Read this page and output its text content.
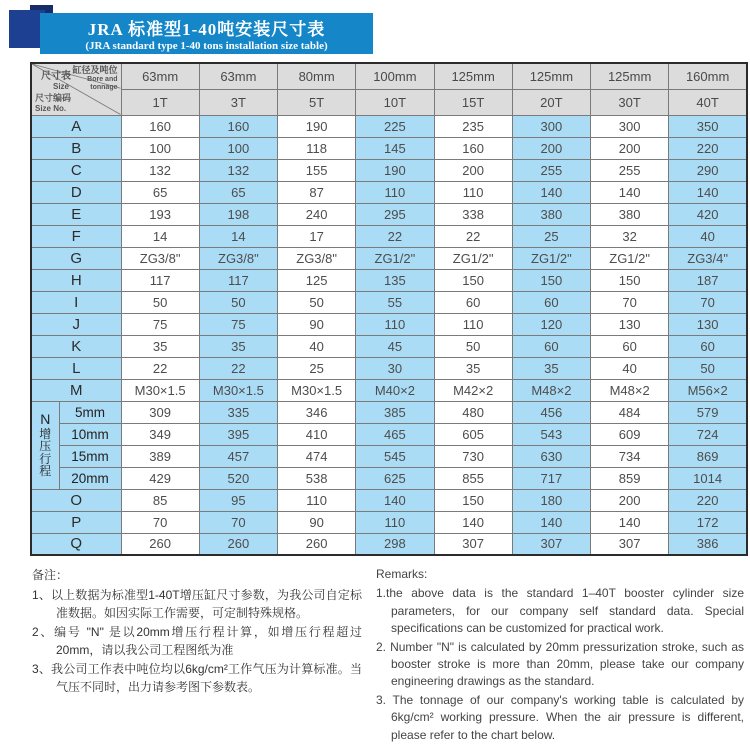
JRA 标准型1-40吨安装尺寸表
(JRA standard type 1-40 tons installation size table)
尺寸表
Size
缸径及吨位
Bore and tonnage
尺寸编码
Size No.
	63mm	63mm	80mm	100mm	125mm	125mm	125mm	160mm
		1T	3T	5T	10T	15T	20T	30T	40T
A		160	160	190	225	235	300	300	350
B		100	100	118	145	160	200	200	220
C		132	132	155	190	200	255	255	290
D		65	65	87	110	110	140	140	140
E		193	198	240	295	338	380	380	420
F		14	14	17	22	22	25	32	40
G		ZG3/8"	ZG3/8"	ZG3/8"	ZG1/2"	ZG1/2"	ZG1/2"	ZG1/2"	ZG3/4"
H		117	117	125	135	150	150	150	187
I		50	50	50	55	60	60	70	70
J		75	75	90	110	110	120	130	130
K		35	35	40	45	50	60	60	60
L		22	22	25	30	35	35	40	50
M		M30×1.5	M30×1.5	M30×1.5	M40×2	M42×2	M48×2	M48×2	M56×2

N
增
压
行
程	5mm	309	335	346	385	480	456	484	579
	10mm	349	395	410	465	605	543	609	724
	15mm	389	457	474	545	730	630	734	869
	20mm	429	520	538	625	855	717	859	1014
O		85	95	110	140	150	180	200	220
P		70	70	90	110	140	140	140	172
Q		260	260	260	298	307	307	307	386
备注：
1、以上数据为标准型1-40T增压缸尺寸参数，为我公司自定标准数据。如因实际工作需要，可定制特殊规格。
2、编号 "N" 是以20mm增压行程计算，如增压行程超过20mm，请以我公司工程图纸为准
3、我公司工作表中吨位均以6kg/cm²工作气压为计算标准。当气压不同时，出力请参考图下参数表。
Remarks:
1.the above data is the standard 1–40T booster cylinder size parameters, for our company self standard data. Special specifications can be customized for practical work.
2. Number "N" is calculated by 20mm pressurization stroke, such as booster stroke is more than 20mm, please take our company engineering drawings as the standard.
3. The tonnage of our company's working table is calculated by 6kg/cm² working pressure. When the air pressure is different, please refer to the chart below.
